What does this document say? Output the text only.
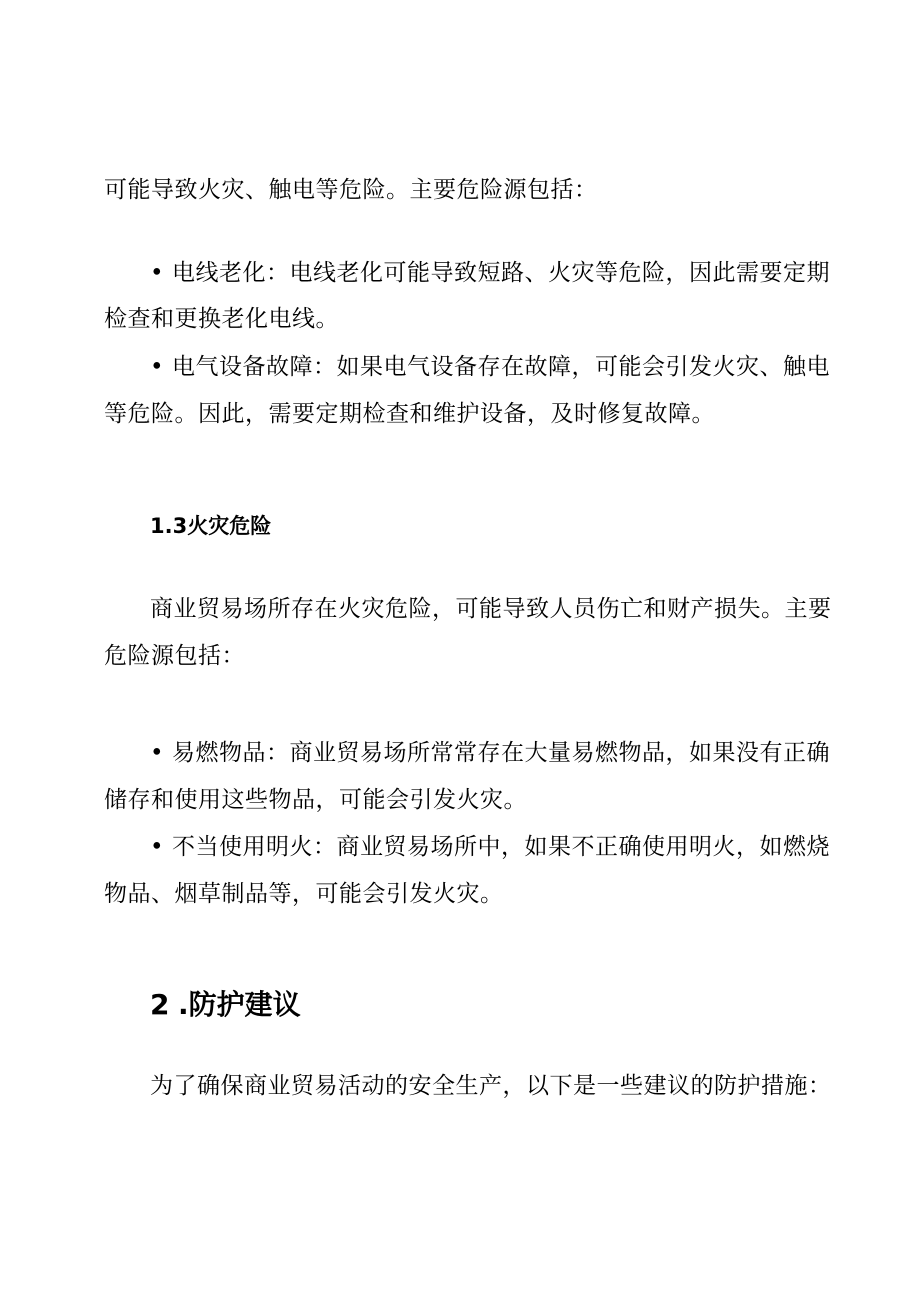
可能导致火灾、触电等危险。主要危险源包括：
• 电线老化：电线老化可能导致短路、火灾等危险，因此需要定期
检查和更换老化电线。
• 电气设备故障：如果电气设备存在故障，可能会引发火灾、触电
等危险。因此，需要定期检查和维护设备，及时修复故障。
1.3火灾危险
商业贸易场所存在火灾危险，可能导致人员伤亡和财产损失。主要
危险源包括：
• 易燃物品：商业贸易场所常常存在大量易燃物品，如果没有正确
储存和使用这些物品，可能会引发火灾。
• 不当使用明火：商业贸易场所中，如果不正确使用明火，如燃烧
物品、烟草制品等，可能会引发火灾。
2 .防护建议
为了确保商业贸易活动的安全生产，以下是一些建议的防护措施：
